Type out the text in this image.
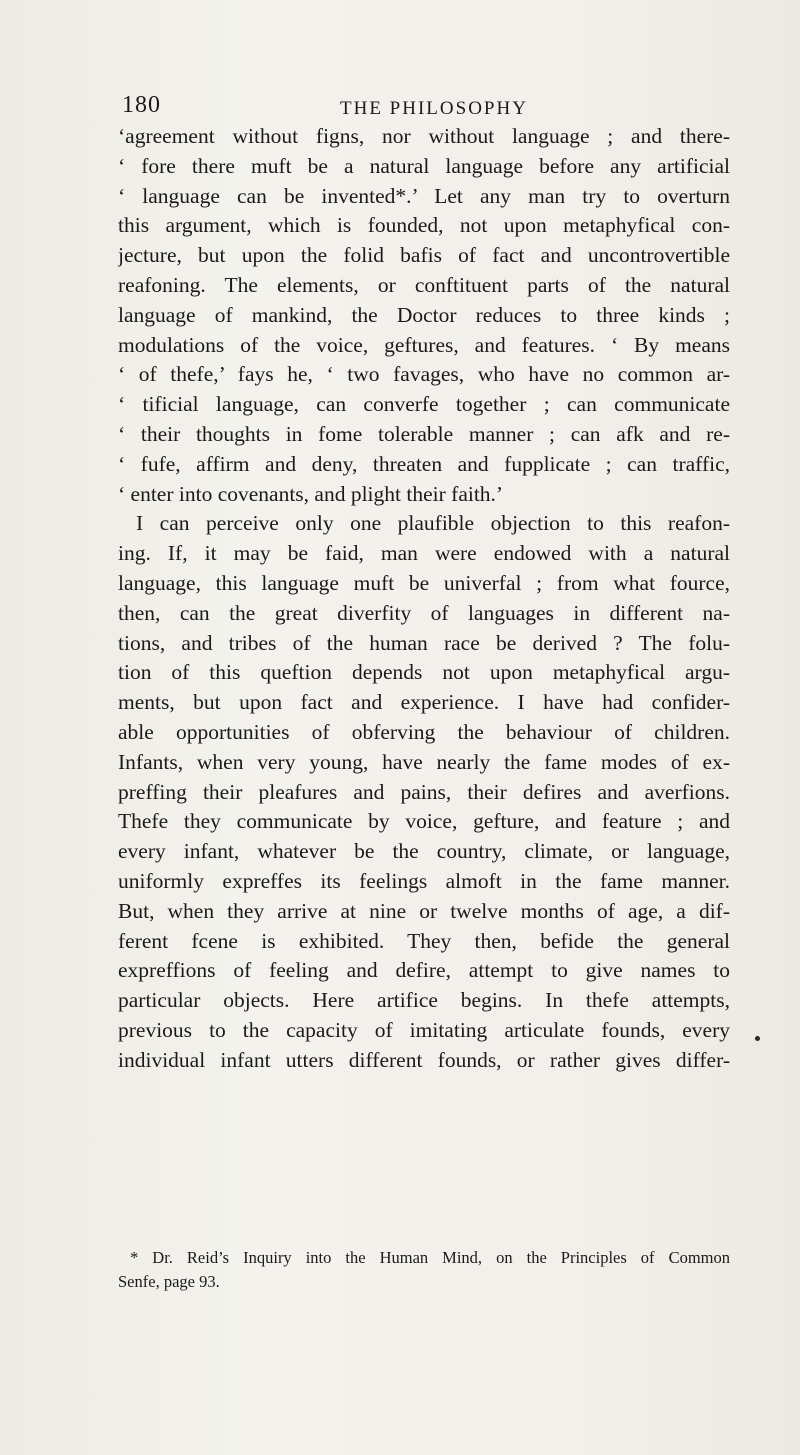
180	THE PHILOSOPHY
‘agreement without figns, nor without language ; and there-
‘ fore there muft be a natural language before any artificial
‘ language can be invented*.’ Let any man try to overturn
this argument, which is founded, not upon metaphyfical con-
jecture, but upon the folid bafis of fact and uncontrovertible
reafoning. The elements, or conftituent parts of the natural
language of mankind, the Doctor reduces to three kinds ;
modulations of the voice, geftures, and features. ‘ By means
‘ of thefe,’ fays he, ‘ two favages, who have no common ar-
‘ tificial language, can converfe together ; can communicate
‘ their thoughts in fome tolerable manner ; can afk and re-
‘ fufe, affirm and deny, threaten and fupplicate ; can traffic,
‘ enter into covenants, and plight their faith.’
I can perceive only one plaufible objection to this reafon-
ing. If, it may be faid, man were endowed with a natural
language, this language muft be univerfal ; from what fource,
then, can the great diverfity of languages in different na-
tions, and tribes of the human race be derived ? The folu-
tion of this queftion depends not upon metaphyfical argu-
ments, but upon fact and experience. I have had confider-
able opportunities of obferving the behaviour of children.
Infants, when very young, have nearly the fame modes of ex-
preffing their pleafures and pains, their defires and averfions.
Thefe they communicate by voice, gefture, and feature ; and
every infant, whatever be the country, climate, or language,
uniformly expreffes its feelings almoft in the fame manner.
But, when they arrive at nine or twelve months of age, a dif-
ferent fcene is exhibited. They then, befide the general
expreffions of feeling and defire, attempt to give names to
particular objects. Here artifice begins. In thefe attempts,
previous to the capacity of imitating articulate founds, every
individual infant utters different founds, or rather gives differ-
* Dr. Reid’s Inquiry into the Human Mind, on the Principles of Common
Senfe, page 93.
